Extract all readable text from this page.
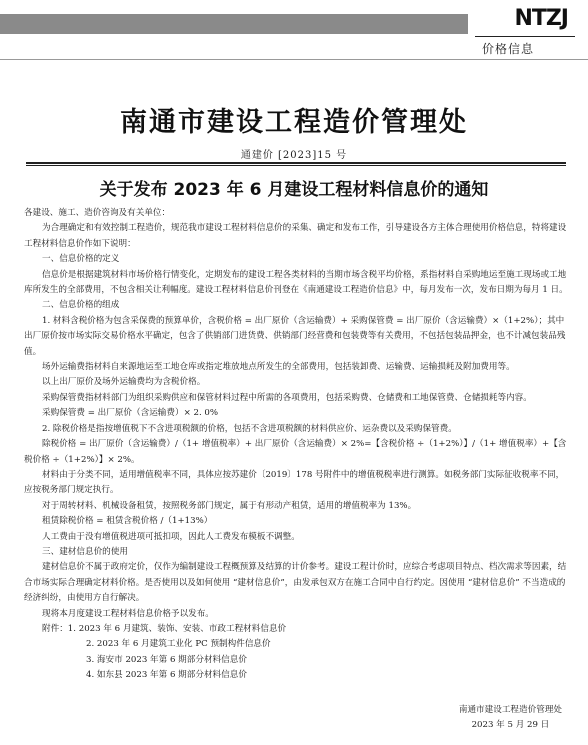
NTZJ
价格信息
南通市建设工程造价管理处
通建价 [2023]15 号
关于发布 2023 年 6 月建设工程材料信息价的通知

各建设、施工、造价咨询及有关单位：

为合理确定和有效控制工程造价，规范我市建设工程材料信息价的采集、确定和发布工作，引导建设各方主体合理使用价格信息，特将建设工程材料信息价作如下说明：

一、信息价格的定义

信息价是根据建筑材料市场价格行情变化，定期发布的建设工程各类材料的当期市场含税平均价格，系指材料自采购地运至施工现场或工地库所发生的全部费用，不包含相关让利幅度。建设工程材料信息价刊登在《南通建设工程造价信息》中，每月发布一次，发布日期为每月 1 日。

二、信息价格的组成

1. 材料含税价格为包含采保费的预算单价，含税价格 = 出厂原价（含运输费）+ 采购保管费 = 出厂原价（含运输费）×（1+2%）；其中出厂原价按市场实际交易价格水平确定，包含了供销部门进货费、供销部门经营费和包装费等有关费用，不包括包装品押金，也不计减包装品残值。

场外运输费指材料自来源地运至工地仓库或指定堆放地点所发生的全部费用，包括装卸费、运输费、运输损耗及附加费用等。

以上出厂原价及场外运输费均为含税价格。

采购保管费指材料部门为组织采购供应和保管材料过程中所需的各项费用，包括采购费、仓储费和工地保管费、仓储损耗等内容。

采购保管费 = 出厂原价（含运输费）× 2. 0%

2. 除税价格是指按增值税下不含进项税额的价格，包括不含进项税额的材料供应价、运杂费以及采购保管费。

除税价格 = 出厂原价（含运输费）/（1+ 增值税率）+ 出厂原价（含运输费）× 2%=【含税价格 ÷（1+2%）】/（1+ 增值税率）+【含税价格 ÷（1+2%）】× 2%。

材料由于分类不同，适用增值税率不同，具体应按苏建价〔2019〕178 号附件中的增值税税率进行测算。如税务部门实际征收税率不同，应按税务部门规定执行。

对于周转材料、机械设备租赁，按照税务部门规定，属于有形动产租赁，适用的增值税率为 13%。

租赁除税价格 = 租赁含税价格 /（1+13%）

人工费由于没有增值税进项可抵扣项，因此人工费发布模板不调整。

三、建材信息价的使用

建材信息价不属于政府定价，仅作为编制建设工程概预算及结算的计价参考。建设工程计价时，应综合考虑项目特点、档次需求等因素，结合市场实际合理确定材料价格。是否使用以及如何使用 “建材信息价”，由发承包双方在施工合同中自行约定。因使用 “建材信息价” 不当造成的经济纠纷，由使用方自行解决。

现将本月度建设工程材料信息价格予以发布。

附件：1. 2023 年 6 月建筑、装饰、安装、市政工程材料信息价

2. 2023 年 6 月建筑工业化 PC 预制构件信息价

3. 海安市 2023 年第 6 期部分材料信息价

4. 如东县 2023 年第 6 期部分材料信息价

南通市建设工程造价管理处
2023 年 5 月 29 日
